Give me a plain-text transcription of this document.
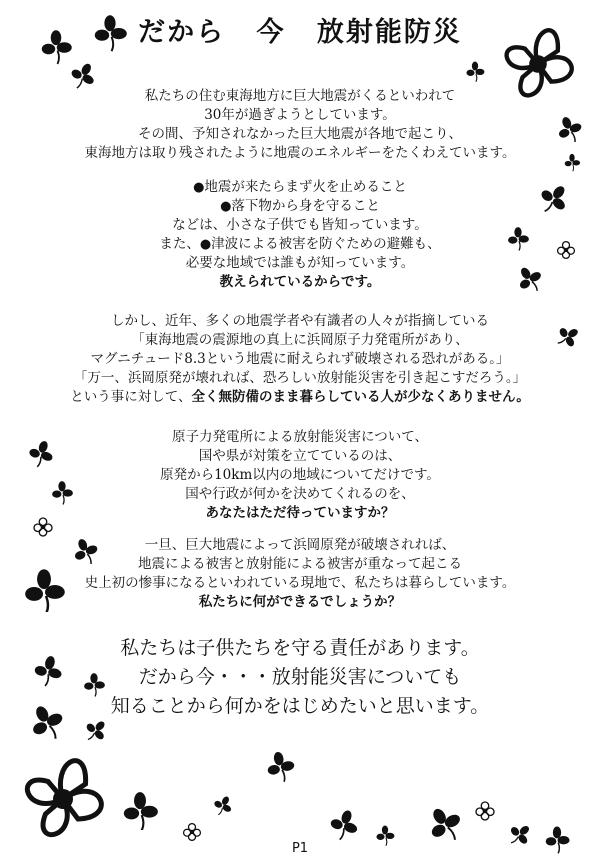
だから 今 放射能防災
私たちの住む東海地方に巨大地震がくるといわれて
30年が過ぎようとしています。
その間、予知されなかった巨大地震が各地で起こり、
東海地方は取り残されたように地震のエネルギーをたくわえています。
●地震が来たらまず火を止めること
●落下物から身を守ること
などは、小さな子供でも皆知っています。
また、●津波による被害を防ぐための避難も、
必要な地域では誰もが知っています。
教えられているからです。
しかし、近年、多くの地震学者や有識者の人々が指摘している
「東海地震の震源地の真上に浜岡原子力発電所があり、
マグニチュード8.3という地震に耐えられず破壊される恐れがある。」
「万一、浜岡原発が壊れれば、恐ろしい放射能災害を引き起こすだろう。」
という事に対して、全く無防備のまま暮らしている人が少なくありません。
原子力発電所による放射能災害について、
国や県が対策を立てているのは、
原発から10km以内の地域についてだけです。
国や行政が何かを決めてくれるのを、
あなたはただ待っていますか？
一旦、巨大地震によって浜岡原発が破壊されれば、
地震による被害と放射能による被害が重なって起こる
史上初の惨事になるといわれている現地で、私たちは暮らしています。
私たちに何ができるでしょうか？
私たちは子供たちを守る責任があります。
だから今・・・放射能災害についても
知ることから何かをはじめたいと思います。
P1
